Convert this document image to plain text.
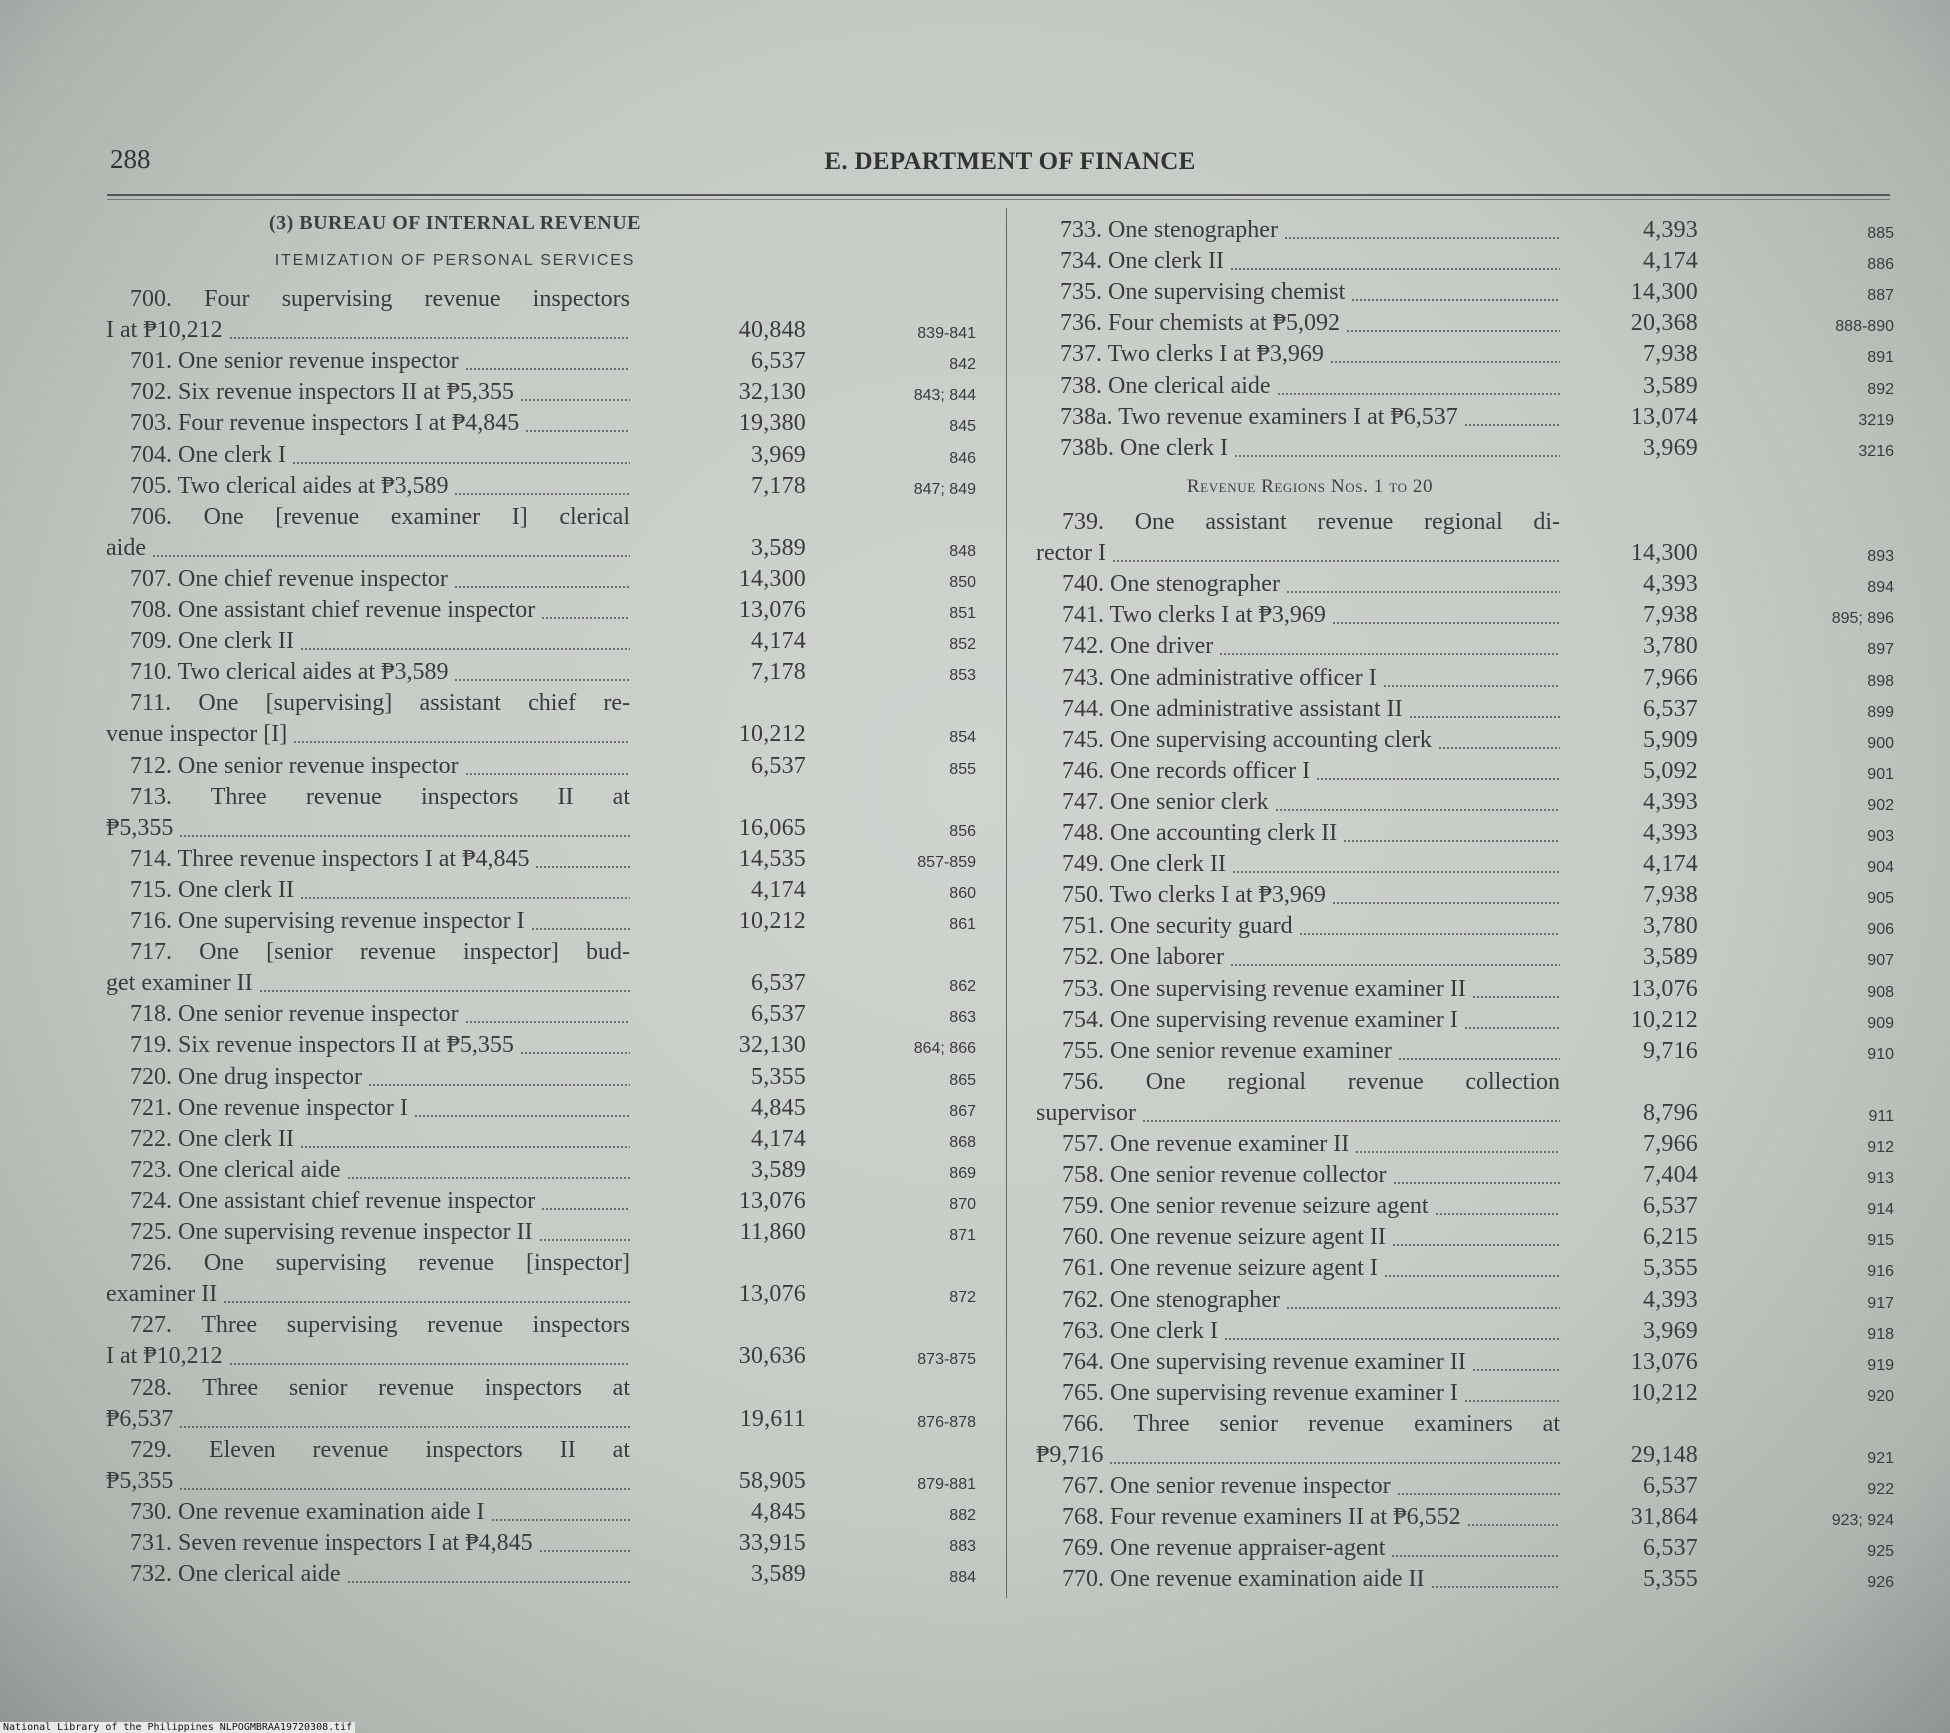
288	E. DEPARTMENT OF FINANCE
(3) BUREAU OF INTERNAL REVENUE
ITEMIZATION OF PERSONAL SERVICES
Revenue Regions Nos. 1 to 20
700. Four supervising revenue inspectors
I at ₱10,212	40,848	839-841
701. One senior revenue inspector	6,537	842
702. Six revenue inspectors II at ₱5,355	32,130	843; 844
703. Four revenue inspectors I at ₱4,845	19,380	845
704. One clerk I	3,969	846
705. Two clerical aides at ₱3,589	7,178	847; 849
706. One [revenue examiner I] clerical
aide	3,589	848
707. One chief revenue inspector	14,300	850
708. One assistant chief revenue inspector	13,076	851
709. One clerk II	4,174	852
710. Two clerical aides at ₱3,589	7,178	853
711. One [supervising] assistant chief re-
venue inspector [I]	10,212	854
712. One senior revenue inspector	6,537	855
713. Three revenue inspectors II at
₱5,355	16,065	856
714. Three revenue inspectors I at ₱4,845	14,535	857-859
715. One clerk II	4,174	860
716. One supervising revenue inspector I	10,212	861
717. One [senior revenue inspector] bud-
get examiner II	6,537	862
718. One senior revenue inspector	6,537	863
719. Six revenue inspectors II at ₱5,355	32,130	864; 866
720. One drug inspector	5,355	865
721. One revenue inspector I	4,845	867
722. One clerk II	4,174	868
723. One clerical aide	3,589	869
724. One assistant chief revenue inspector	13,076	870
725. One supervising revenue inspector II	11,860	871
726. One supervising revenue [inspector]
examiner II	13,076	872
727. Three supervising revenue inspectors
I at ₱10,212	30,636	873-875
728. Three senior revenue inspectors at
₱6,537	19,611	876-878
729. Eleven revenue inspectors II at
₱5,355	58,905	879-881
730. One revenue examination aide I	4,845	882
731. Seven revenue inspectors I at ₱4,845	33,915	883
732. One clerical aide	3,589	884
733. One stenographer	4,393	885
734. One clerk II	4,174	886
735. One supervising chemist	14,300	887
736. Four chemists at ₱5,092	20,368	888-890
737. Two clerks I at ₱3,969	7,938	891
738. One clerical aide	3,589	892
738a. Two revenue examiners I at ₱6,537	13,074	3219
738b. One clerk I	3,969	3216
739. One assistant revenue regional di-
rector I	14,300	893
740. One stenographer	4,393	894
741. Two clerks I at ₱3,969	7,938	895; 896
742. One driver	3,780	897
743. One administrative officer I	7,966	898
744. One administrative assistant II	6,537	899
745. One supervising accounting clerk	5,909	900
746. One records officer I	5,092	901
747. One senior clerk	4,393	902
748. One accounting clerk II	4,393	903
749. One clerk II	4,174	904
750. Two clerks I at ₱3,969	7,938	905
751. One security guard	3,780	906
752. One laborer	3,589	907
753. One supervising revenue examiner II	13,076	908
754. One supervising revenue examiner I	10,212	909
755. One senior revenue examiner	9,716	910
756. One regional revenue collection
supervisor	8,796	911
757. One revenue examiner II	7,966	912
758. One senior revenue collector	7,404	913
759. One senior revenue seizure agent	6,537	914
760. One revenue seizure agent II	6,215	915
761. One revenue seizure agent I	5,355	916
762. One stenographer	4,393	917
763. One clerk I	3,969	918
764. One supervising revenue examiner II	13,076	919
765. One supervising revenue examiner I	10,212	920
766. Three senior revenue examiners at
₱9,716	29,148	921
767. One senior revenue inspector	6,537	922
768. Four revenue examiners II at ₱6,552	31,864	923; 924
769. One revenue appraiser-agent	6,537	925
770. One revenue examination aide II	5,355	926
National Library of the Philippines NLPOGMBRAA19720308.tif
